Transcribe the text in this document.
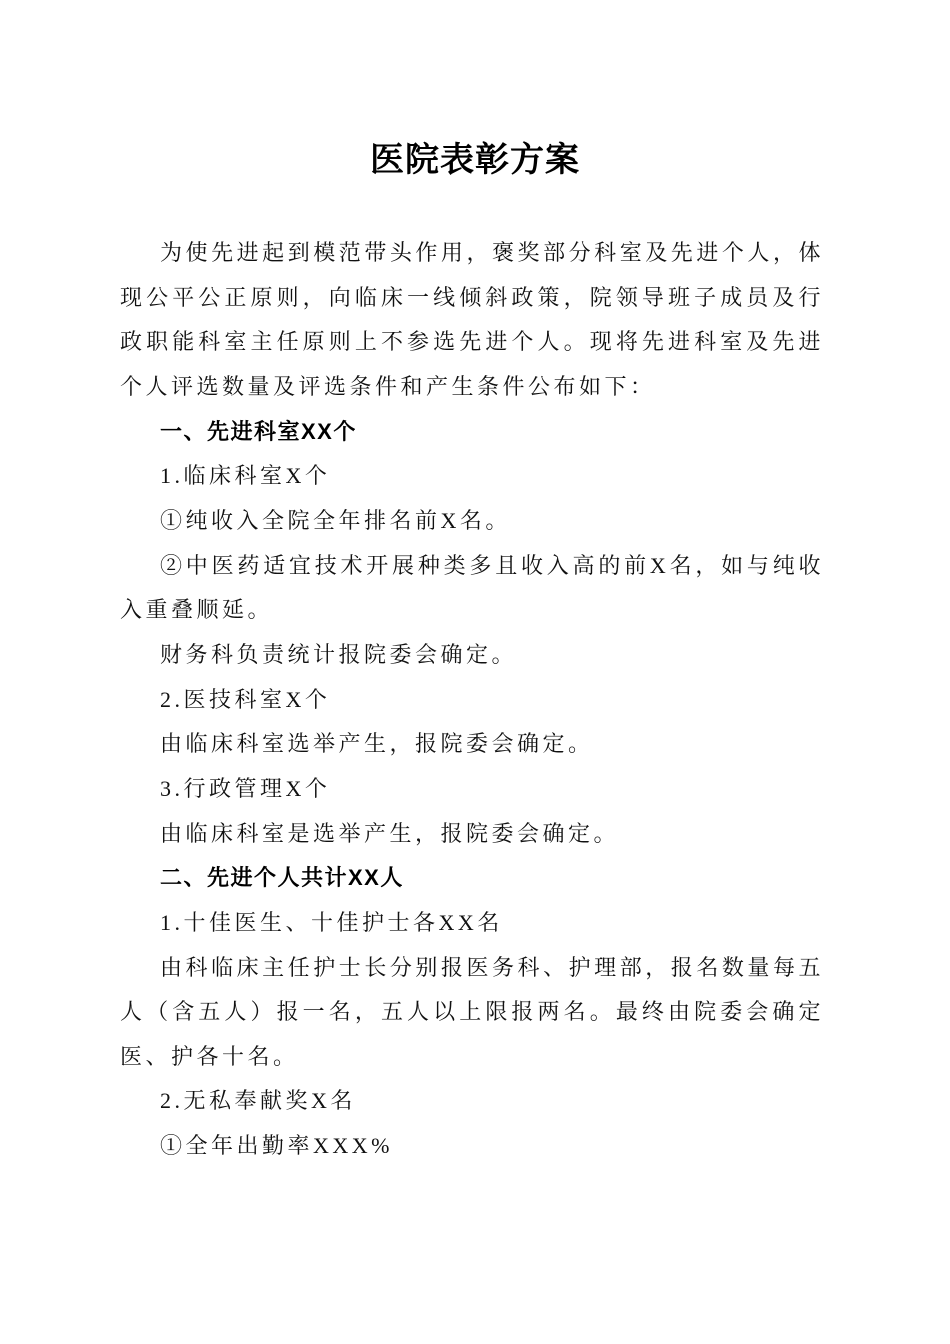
医院表彰方案

为使先进起到模范带头作用，褒奖部分科室及先进个人，体现公平公正原则，向临床一线倾斜政策，院领导班子成员及行政职能科室主任原则上不参选先进个人。现将先进科室及先进个人评选数量及评选条件和产生条件公布如下：

一、先进科室XX个

1.临床科室X个

①纯收入全院全年排名前X名。

②中医药适宜技术开展种类多且收入高的前X名，如与纯收入重叠顺延。

财务科负责统计报院委会确定。

2.医技科室X个

由临床科室选举产生，报院委会确定。

3.行政管理X个

由临床科室是选举产生，报院委会确定。

二、先进个人共计XX人

1.十佳医生、十佳护士各XX名

由科临床主任护士长分别报医务科、护理部，报名数量每五人（含五人）报一名，五人以上限报两名。最终由院委会确定医、护各十名。

2.无私奉献奖X名

①全年出勤率XXX%
